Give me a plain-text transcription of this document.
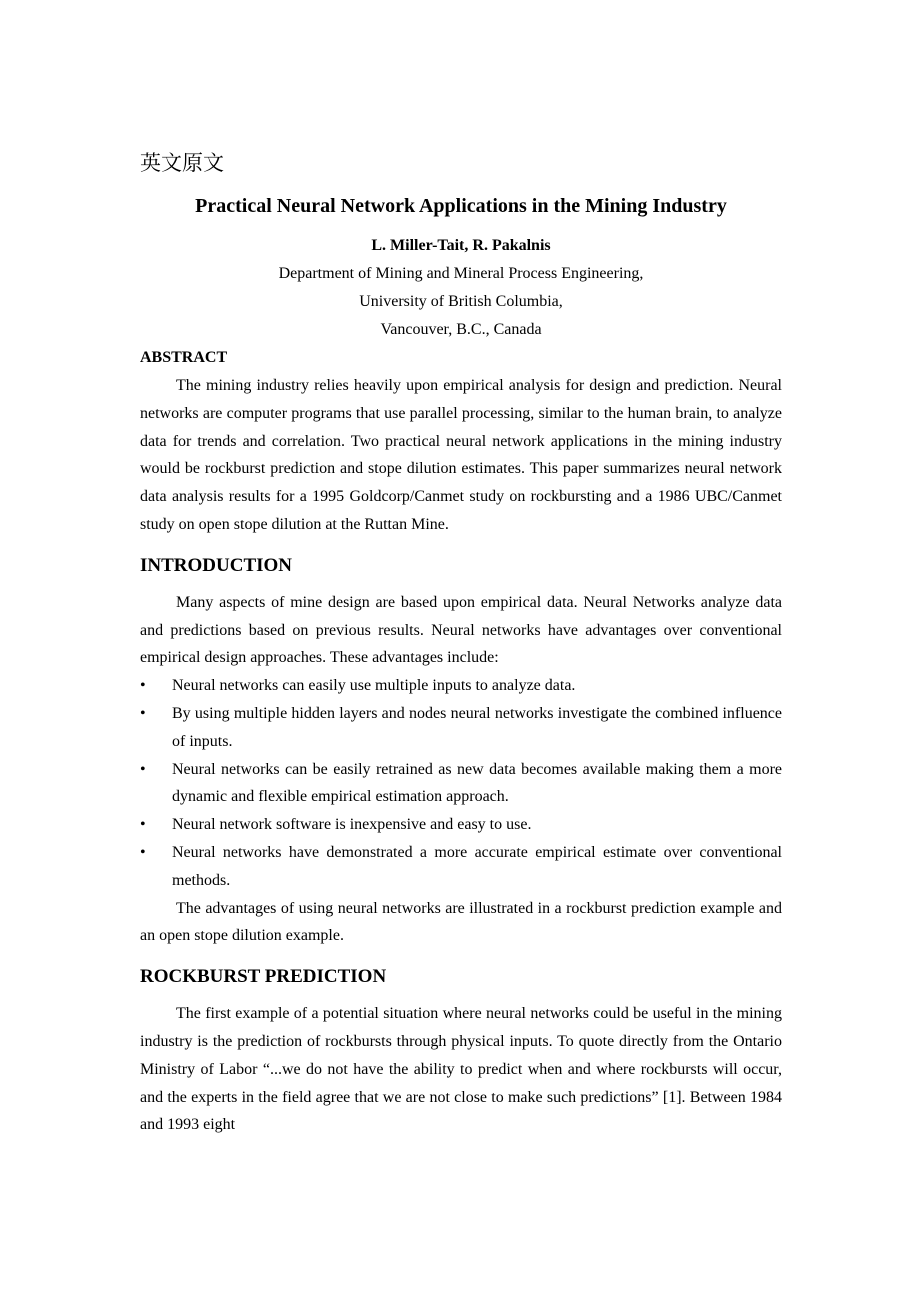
英文原文
Practical Neural Network Applications in the Mining Industry
L. Miller-Tait, R. Pakalnis
Department of Mining and Mineral Process Engineering,
University of British Columbia,
Vancouver, B.C., Canada
ABSTRACT

The mining industry relies heavily upon empirical analysis for design and prediction. Neural networks are computer programs that use parallel processing, similar to the human brain, to analyze data for trends and correlation. Two practical neural network applications in the mining industry would be rockburst prediction and stope dilution estimates. This paper summarizes neural network data analysis results for a 1995 Goldcorp/Canmet study on rockbursting and a 1986 UBC/Canmet study on open stope dilution at the Ruttan Mine.

INTRODUCTION

Many aspects of mine design are based upon empirical data. Neural Networks analyze data and predictions based on previous results. Neural networks have advantages over conventional empirical design approaches. These advantages include:

•	Neural networks can easily use multiple inputs to analyze data.
•	By using multiple hidden layers and nodes neural networks investigate the combined influence of inputs.
•	Neural networks can be easily retrained as new data becomes available making them a more dynamic and flexible empirical estimation approach.
•	Neural network software is inexpensive and easy to use.
•	Neural networks have demonstrated a more accurate empirical estimate over conventional methods.

The advantages of using neural networks are illustrated in a rockburst prediction example and an open stope dilution example.

ROCKBURST PREDICTION

The first example of a potential situation where neural networks could be useful in the mining industry is the prediction of rockbursts through physical inputs. To quote directly from the Ontario Ministry of Labor “...we do not have the ability to predict when and where rockbursts will occur, and the experts in the field agree that we are not close to make such predictions” [1]. Between 1984 and 1993 eight
